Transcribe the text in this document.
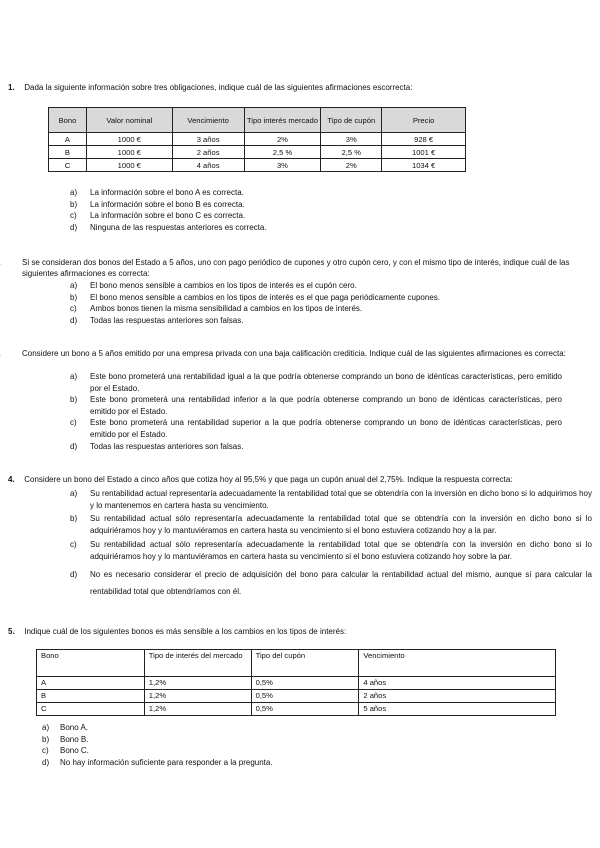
1. Dada la siguiente información sobre tres obligaciones, indique cuál de las siguientes afirmaciones escorrecta:
Bono	Valor nominal	Vencimiento	Tipo interés mercado	Tipo de cupón	Precio
A	1000 €	3 años	2%	3%	928 €
B	1000 €	2 años	2,5 %	2,5 %	1001 €
C	1000 €	4 años	3%	2%	1034 €
a) La información sobre el bono A es correcta.
b) La información sobre el bono B es correcta.
c) La información sobre el bono C es correcta.
d) Ninguna de las respuestas anteriores es correcta.
Si se consideran dos bonos del Estado a 5 años, uno con pago periódico de cupones y otro cupón cero, y con el mismo tipo de interés, indique cuál de las siguientes afirmaciones es correcta:
a) El bono menos sensible a cambios en los tipos de interés es el cupón cero.
b) El bono menos sensible a cambios en los tipos de interés es el que paga periódicamente cupones.
c) Ambos bonos tienen la misma sensibilidad a cambios en los tipos de interés.
d) Todas las respuestas anteriores son falsas.
Considere un bono a 5 años emitido por una empresa privada con una baja calificación crediticia. Indique cuál de las siguientes afirmaciones es correcta:
a) Este bono prometerá una rentabilidad igual a la que podría obtenerse comprando un bono de idénticas características, pero emitido por el Estado.
b) Este bono prometerá una rentabilidad inferior a la que podría obtenerse comprando un bono de idénticas características, pero emitido por el Estado.
c) Este bono prometerá una rentabilidad superior a la que podría obtenerse comprando un bono de idénticas características, pero emitido por el Estado.
d) Todas las respuestas anteriores son falsas.
4. Considere un bono del Estado a cinco años que cotiza hoy al 95,5% y que paga un cupón anual del 2,75%. Indique la respuesta correcta:
a) Su rentabilidad actual representaría adecuadamente la rentabilidad total que se obtendría con la inversión en dicho bono si lo adquirimos hoy y lo mantenemos en cartera hasta su vencimiento.
b) Su rentabilidad actual sólo representaría adecuadamente la rentabilidad total que se obtendría con la inversión en dicho bono si lo adquiriéramos hoy y lo mantuviéramos en cartera hasta su vencimiento si el bono estuviera cotizando hoy a la par.
c) Su rentabilidad actual sólo representaría adecuadamente la rentabilidad total que se obtendría con la inversión en dicho bono si lo adquiriéramos hoy y lo mantuviéramos en cartera hasta su vencimiento si el bono estuviera cotizando hoy sobre la par.
d) No es necesario considerar el precio de adquisición del bono para calcular la rentabilidad actual del mismo, aunque sí para calcular la rentabilidad total que obtendríamos con él.
5. Indique cuál de los siguientes bonos es más sensible a los cambios en los tipos de interés:
Bono	Tipo de interés del mercado	Tipo del cupón	Vencimiento
A	1,2%	0,5%	4 años
B	1,2%	0,5%	2 años
C	1,2%	0,5%	5 años
a) Bono A.
b) Bono B.
c) Bono C.
d) No hay información suficiente para responder a la pregunta.
